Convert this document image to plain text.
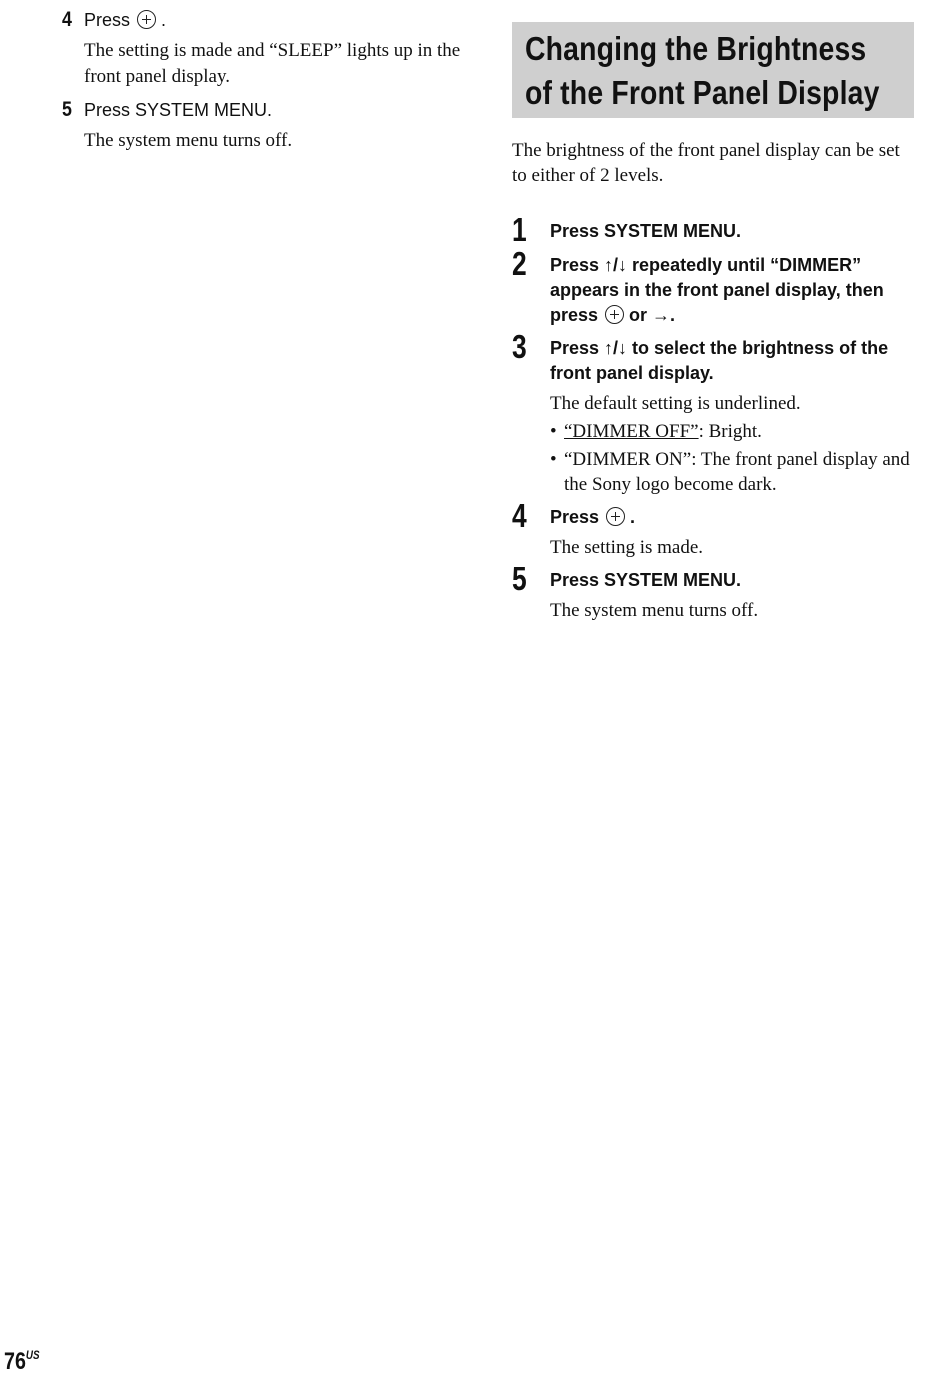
4 Press .
The setting is made and “SLEEP” lights up in the front panel display.
5 Press SYSTEM MENU.
The system menu turns off.
Changing the Brightness
of the Front Panel Display

The brightness of the front panel display can be set to either of 2 levels.

1	Press SYSTEM MENU.
2	Press ↑/↓ repeatedly until “DIMMER” appears in the front panel display, then press or →.
3	Press ↑/↓ to select the brightness of the front panel display.
The default setting is underlined.
• “DIMMER OFF”: Bright.
• “DIMMER ON”: The front panel display and the Sony logo become dark.
4	Press .
The setting is made.
5	Press SYSTEM MENU.
The system menu turns off.
$76^{US}$
